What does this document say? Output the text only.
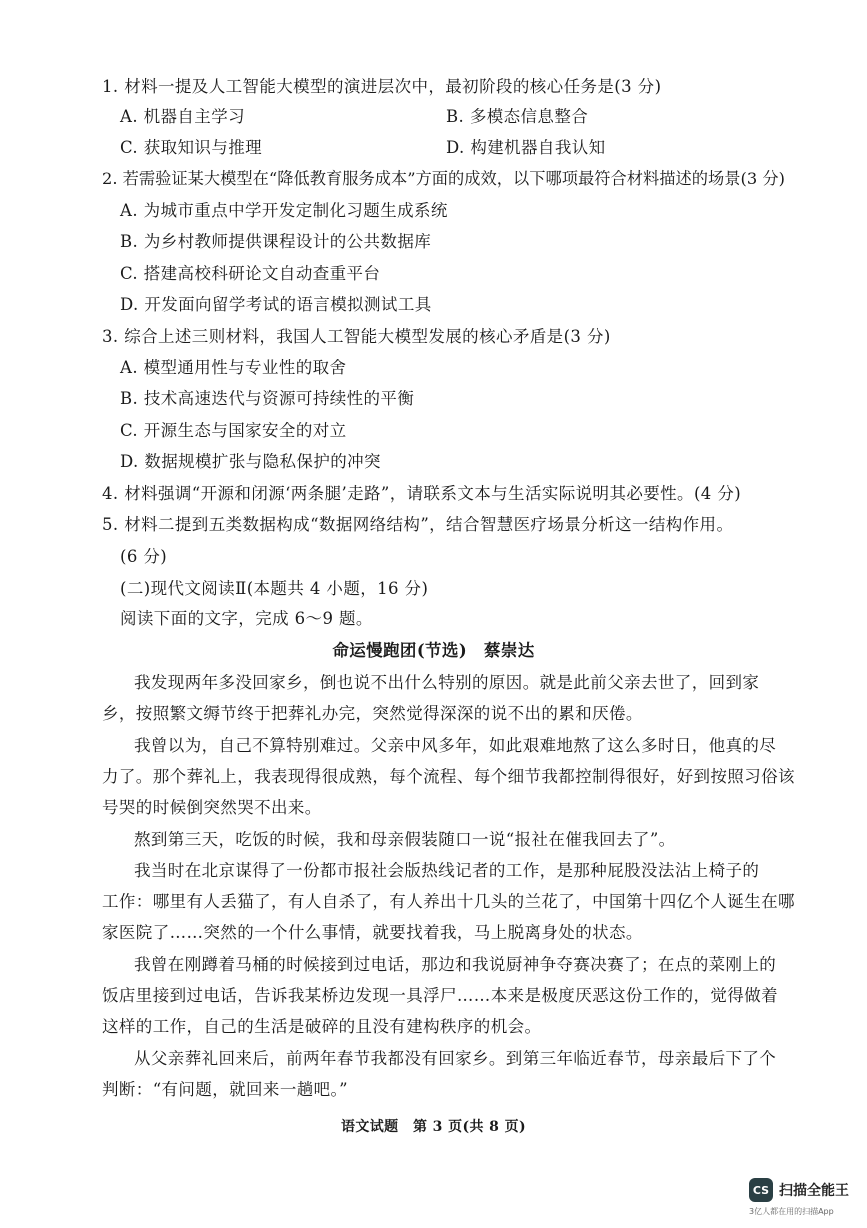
1. 材料一提及人工智能大模型的演进层次中，最初阶段的核心任务是(3 分)
A. 机器自主学习	B. 多模态信息整合
C. 获取知识与推理	D. 构建机器自我认知
2. 若需验证某大模型在“降低教育服务成本”方面的成效，以下哪项最符合材料描述的场景(3 分)
A. 为城市重点中学开发定制化习题生成系统
B. 为乡村教师提供课程设计的公共数据库
C. 搭建高校科研论文自动查重平台
D. 开发面向留学考试的语言模拟测试工具
3. 综合上述三则材料，我国人工智能大模型发展的核心矛盾是(3 分)
A. 模型通用性与专业性的取舍
B. 技术高速迭代与资源可持续性的平衡
C. 开源生态与国家安全的对立
D. 数据规模扩张与隐私保护的冲突
4. 材料强调“开源和闭源‘两条腿’走路”，请联系文本与生活实际说明其必要性。(4 分)
5. 材料二提到五类数据构成“数据网络结构”，结合智慧医疗场景分析这一结构作用。
(6 分)
(二)现代文阅读Ⅱ(本题共 4 小题，16 分)
阅读下面的文字，完成 6～9 题。
命运慢跑团(节选)　蔡崇达
我发现两年多没回家乡，倒也说不出什么特别的原因。就是此前父亲去世了，回到家
乡，按照繁文缛节终于把葬礼办完，突然觉得深深的说不出的累和厌倦。
我曾以为，自己不算特别难过。父亲中风多年，如此艰难地熬了这么多时日，他真的尽
力了。那个葬礼上，我表现得很成熟，每个流程、每个细节我都控制得很好，好到按照习俗该
号哭的时候倒突然哭不出来。
熬到第三天，吃饭的时候，我和母亲假装随口一说“报社在催我回去了”。
我当时在北京谋得了一份都市报社会版热线记者的工作，是那种屁股没法沾上椅子的
工作：哪里有人丢猫了，有人自杀了，有人养出十几头的兰花了，中国第十四亿个人诞生在哪
家医院了……突然的一个什么事情，就要找着我，马上脱离身处的状态。
我曾在刚蹲着马桶的时候接到过电话，那边和我说厨神争夺赛决赛了；在点的菜刚上的
饭店里接到过电话，告诉我某桥边发现一具浮尸……本来是极度厌恶这份工作的，觉得做着
这样的工作，自己的生活是破碎的且没有建构秩序的机会。
从父亲葬礼回来后，前两年春节我都没有回家乡。到第三年临近春节，母亲最后下了个
判断：“有问题，就回来一趟吧。”
语文试题　第 3 页(共 8 页)
CS 扫描全能王
3亿人都在用的扫描App
